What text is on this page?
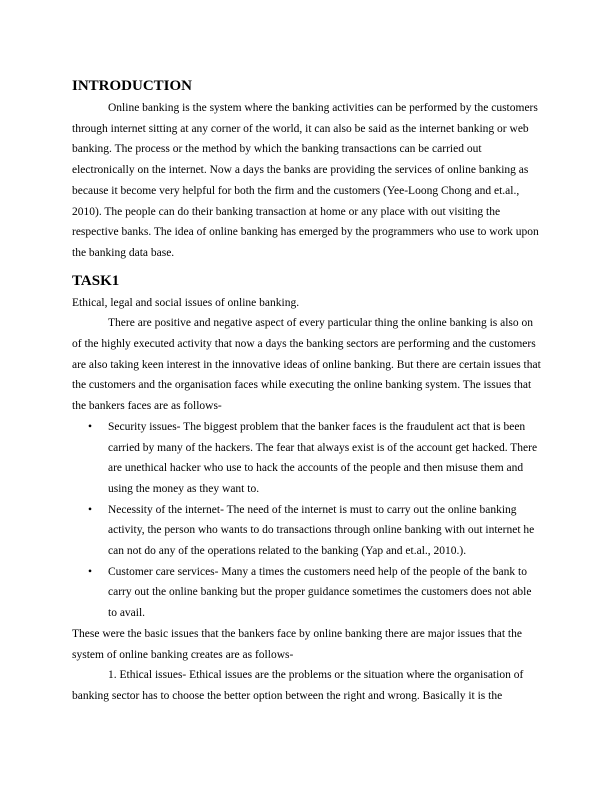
INTRODUCTION

Online banking is the system where the banking activities can be performed by the customers through internet sitting at any corner of the world, it can also be said as the internet banking or web banking. The process or the method by which the banking transactions can be carried out electronically on the internet. Now a days the banks are providing the services of online banking as because it become very helpful for both the firm and the customers (Yee-Loong Chong and et.al., 2010). The people can do their banking transaction at home or any place with out visiting the respective banks. The idea of online banking has emerged by the programmers who use to work upon the banking data base.

TASK1

Ethical, legal and social issues of online banking.

There are positive and negative aspect of every particular thing the online banking is also on of the highly executed activity that now a days the banking sectors are performing and the customers are also taking keen interest in the innovative ideas of online banking. But there are certain issues that the customers and the organisation faces while executing the online banking system. The issues that the bankers faces are as follows-

• Security issues- The biggest problem that the banker faces is the fraudulent act that is been carried by many of the hackers. The fear that always exist is of the account get hacked. There are unethical hacker who use to hack the accounts of the people and then misuse them and using the money as they want to.
• Necessity of the internet- The need of the internet is must to carry out the online banking activity, the person who wants to do transactions through online banking with out internet he can not do any of the operations related to the banking (Yap and et.al., 2010.).
• Customer care services- Many a times the customers need help of the people of the bank to carry out the online banking but the proper guidance sometimes the customers does not able to avail.

These were the basic issues that the bankers face by online banking there are major issues that the system of online banking creates are as follows-

1. Ethical issues- Ethical issues are the problems or the situation where the organisation of banking sector has to choose the better option between the right and wrong. Basically it is the
